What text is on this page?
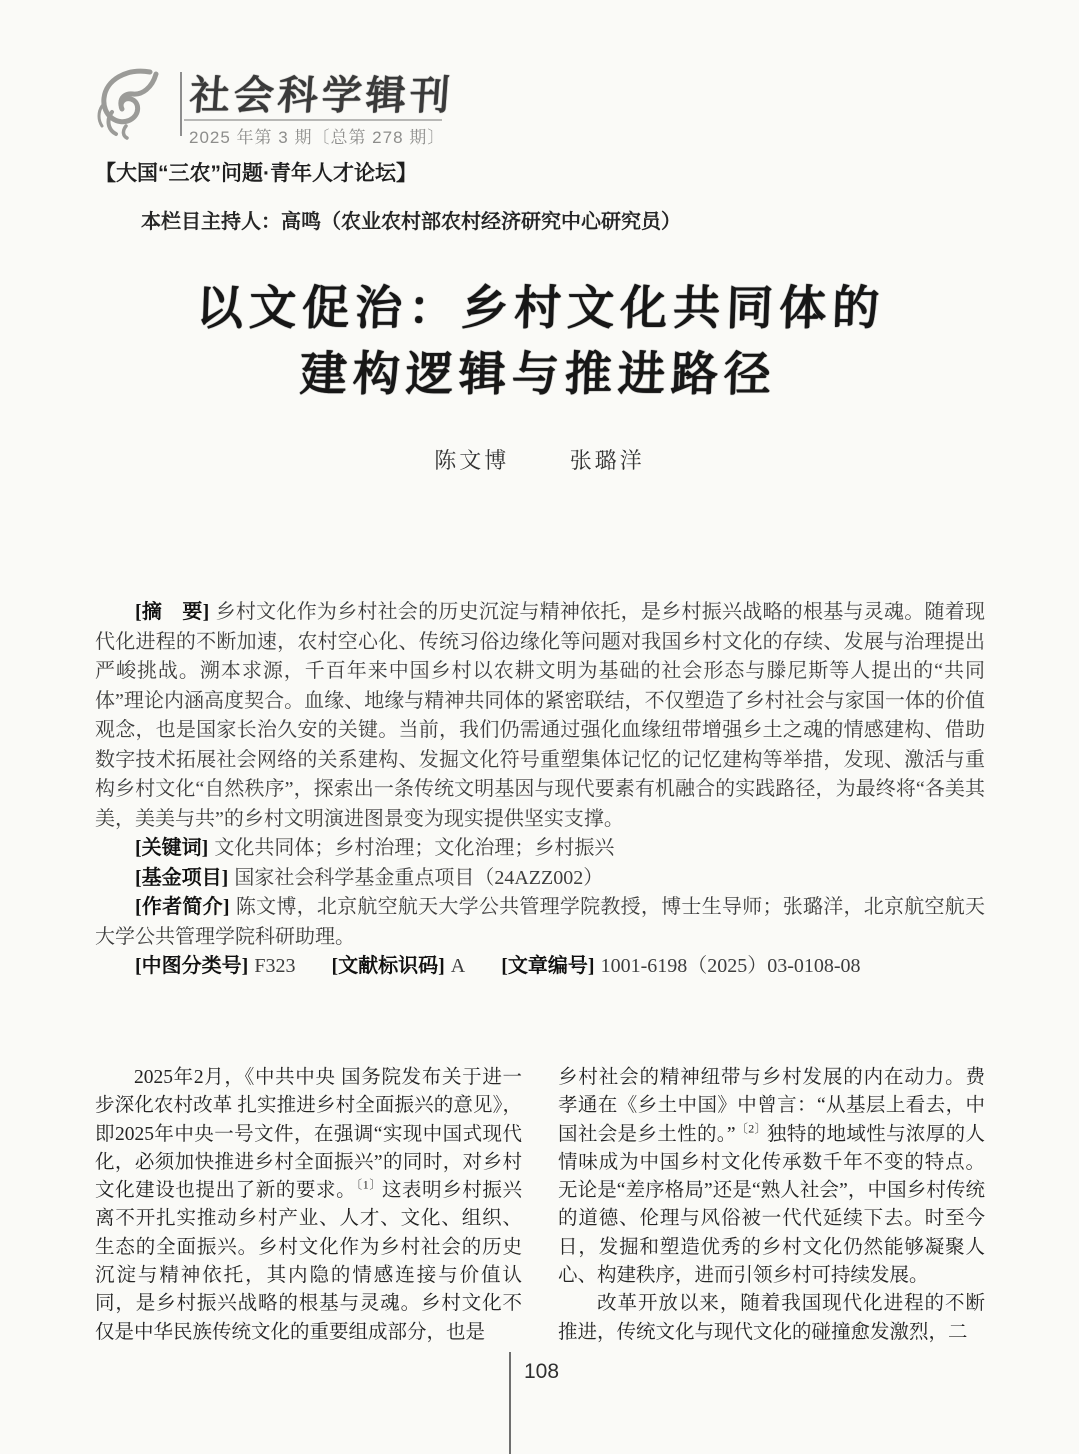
社会科学辑刊
2025 年第 3 期〔总第 278 期〕
【大国“三农”问题·青年人才论坛】
本栏目主持人：高鸣（农业农村部农村经济研究中心研究员）
以文促治：乡村文化共同体的
建构逻辑与推进路径
陈文博	张璐洋

[摘　要] 乡村文化作为乡村社会的历史沉淀与精神依托，是乡村振兴战略的根基与灵魂。随着现代化进程的不断加速，农村空心化、传统习俗边缘化等问题对我国乡村文化的存续、发展与治理提出严峻挑战。溯本求源，千百年来中国乡村以农耕文明为基础的社会形态与滕尼斯等人提出的“共同体”理论内涵高度契合。血缘、地缘与精神共同体的紧密联结，不仅塑造了乡村社会与家国一体的价值观念，也是国家长治久安的关键。当前，我们仍需通过强化血缘纽带增强乡土之魂的情感建构、借助数字技术拓展社会网络的关系建构、发掘文化符号重塑集体记忆的记忆建构等举措，发现、激活与重构乡村文化“自然秩序”，探索出一条传统文明基因与现代要素有机融合的实践路径，为最终将“各美其美，美美与共”的乡村文明演进图景变为现实提供坚实支撑。

[关键词] 文化共同体；乡村治理；文化治理；乡村振兴

[基金项目] 国家社会科学基金重点项目（24AZZ002）

[作者简介] 陈文博，北京航空航天大学公共管理学院教授，博士生导师；张璐洋，北京航空航天大学公共管理学院科研助理。

[中图分类号] F323 [文献标识码] A [文章编号] 1001-6198（2025）03-0108-08

2025年2月，《中共中央 国务院发布关于进一步深化农村改革 扎实推进乡村全面振兴的意见》，即2025年中央一号文件，在强调“实现中国式现代化，必须加快推进乡村全面振兴”的同时，对乡村文化建设也提出了新的要求。$^{〔1〕}$这表明乡村振兴离不开扎实推动乡村产业、人才、文化、组织、生态的全面振兴。乡村文化作为乡村社会的历史沉淀与精神依托，其内隐的情感连接与价值认同，是乡村振兴战略的根基与灵魂。乡村文化不仅是中华民族传统文化的重要组成部分，也是

乡村社会的精神纽带与乡村发展的内在动力。费孝通在《乡土中国》中曾言：“从基层上看去，中国社会是乡土性的。”$^{〔2〕}$独特的地域性与浓厚的人情味成为中国乡村文化传承数千年不变的特点。无论是“差序格局”还是“熟人社会”，中国乡村传统的道德、伦理与风俗被一代代延续下去。时至今日，发掘和塑造优秀的乡村文化仍然能够凝聚人心、构建秩序，进而引领乡村可持续发展。

改革开放以来，随着我国现代化进程的不断推进，传统文化与现代文化的碰撞愈发激烈，二

108
